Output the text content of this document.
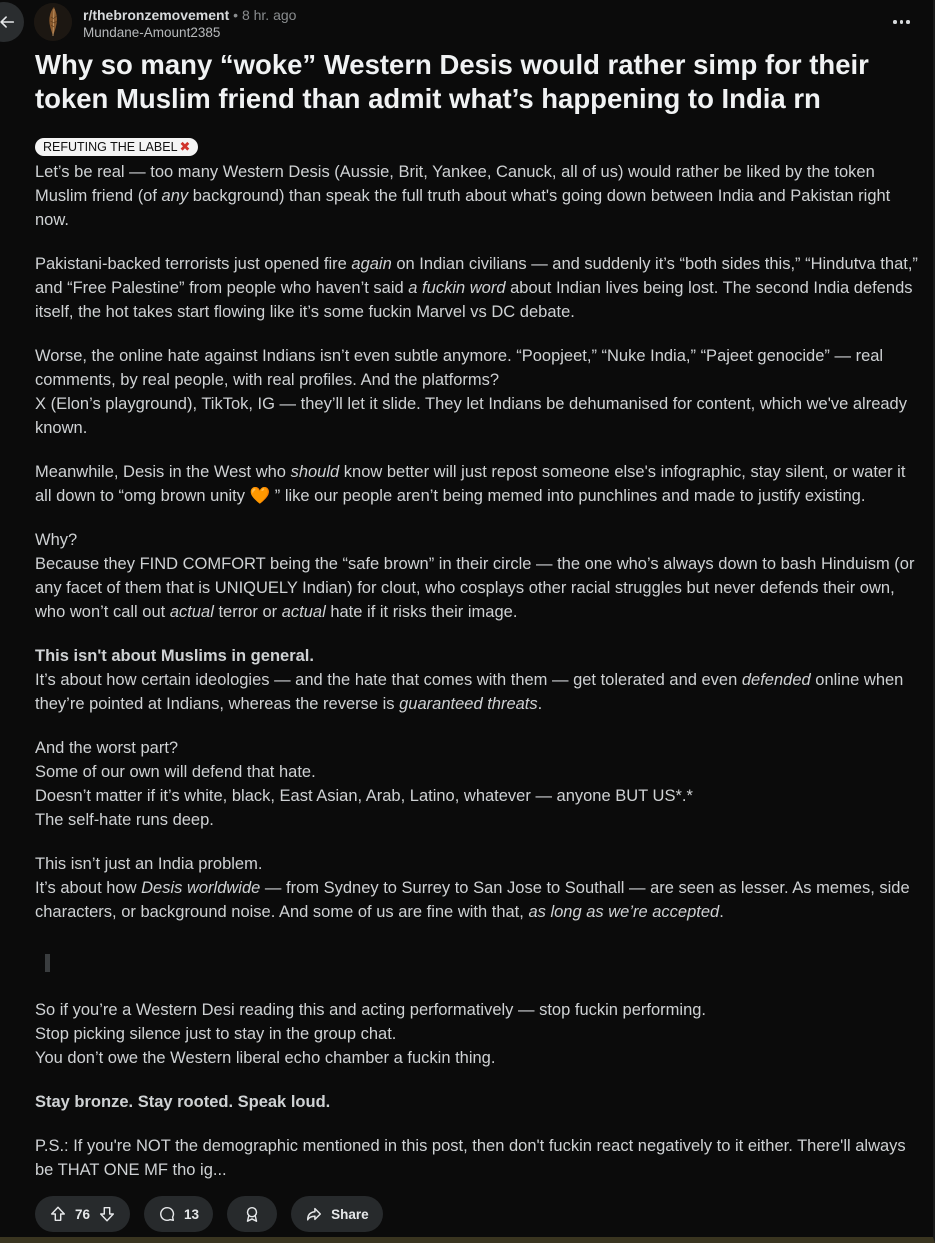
r/thebronzemovement • 8 hr. ago
Mundane-Amount2385
Why so many “woke” Western Desis would rather simp for their token Muslim friend than admit what’s happening to India rn
REFUTING THE LABEL ✖

Let’s be real — too many Western Desis (Aussie, Brit, Yankee, Canuck, all of us) would rather be liked by the token Muslim friend (of any background) than speak the full truth about what's going down between India and Pakistan right now.

Pakistani-backed terrorists just opened fire again on Indian civilians — and suddenly it’s “both sides this,” “Hindutva that,” and “Free Palestine” from people who haven’t said a fuckin word about Indian lives being lost. The second India defends itself, the hot takes start flowing like it’s some fuckin Marvel vs DC debate.

Worse, the online hate against Indians isn’t even subtle anymore. “Poopjeet,” “Nuke India,” “Pajeet genocide” — real comments, by real people, with real profiles. And the platforms?
X (Elon’s playground), TikTok, IG — they’ll let it slide. They let Indians be dehumanised for content, which we've already known.

Meanwhile, Desis in the West who should know better will just repost someone else's infographic, stay silent, or water it all down to “omg brown unity 🧡 ” like our people aren’t being memed into punchlines and made to justify existing.

Why?
Because they FIND COMFORT being the “safe brown” in their circle — the one who’s always down to bash Hinduism (or any facet of them that is UNIQUELY Indian) for clout, who cosplays other racial struggles but never defends their own, who won’t call out actual terror or actual hate if it risks their image.

This isn't about Muslims in general.
It’s about how certain ideologies — and the hate that comes with them — get tolerated and even defended online when they’re pointed at Indians, whereas the reverse is guaranteed threats.

And the worst part?
Some of our own will defend that hate.
Doesn’t matter if it’s white, black, East Asian, Arab, Latino, whatever — anyone BUT US*.*
The self-hate runs deep.

This isn’t just an India problem.
It’s about how Desis worldwide — from Sydney to Surrey to San Jose to Southall — are seen as lesser. As memes, side characters, or background noise. And some of us are fine with that, as long as we’re accepted.

So if you’re a Western Desi reading this and acting performatively — stop fuckin performing.
Stop picking silence just to stay in the group chat.
You don’t owe the Western liberal echo chamber a fuckin thing.

Stay bronze. Stay rooted. Speak loud.

P.S.: If you're NOT the demographic mentioned in this post, then don't fuckin react negatively to it either. There'll always be THAT ONE MF tho ig...

76	13	Share
